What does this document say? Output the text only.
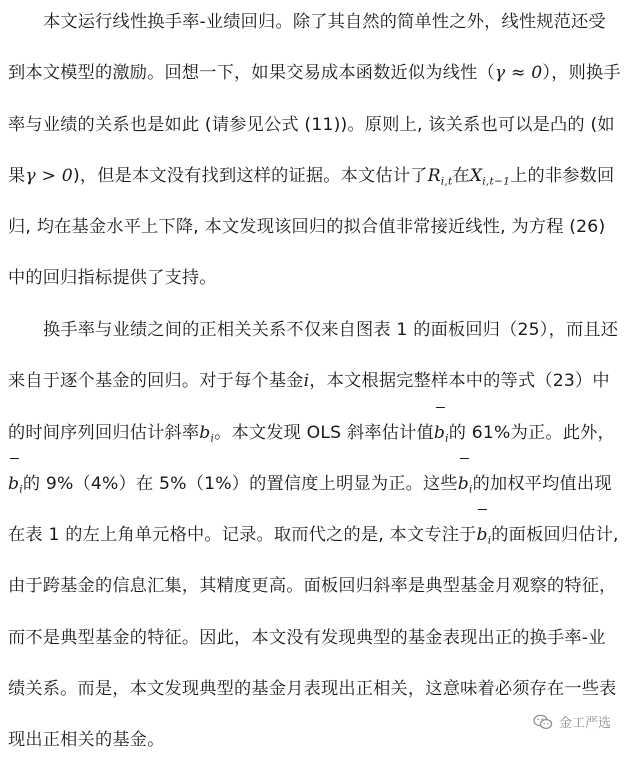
本文运行线性换手率-业绩回归。除了其自然的简单性之外，线性规范还受
到本文模型的激励。回想一下，如果交易成本函数近似为线性（γ ≈ 0），则换手
率与业绩的关系也是如此 (请参见公式 (11))。原则上, 该关系也可以是凸的 (如
果γ > 0)，但是本文没有找到这样的证据。本文估计了$R_{i,t}$在$X_{i,t-1}$上的非参数回
归, 均在基金水平上下降, 本文发现该回归的拟合值非常接近线性, 为方程 (26)
中的回归指标提供了支持。
换手率与业绩之间的正相关关系不仅来自图表 1 的面板回归（25），而且还
来自于逐个基金的回归。对于每个基金i，本文根据完整样本中的等式（23）中
的时间序列回归估计斜率$b_i$。本文发现 OLS 斜率估计值$b_i$的 61%为正。此外，
$b_i$的 9%（4%）在 5%（1%）的置信度上明显为正。这些$b_i$的加权平均值出现
在表 1 的左上角单元格中。记录。取而代之的是, 本文专注于$b_i$的面板回归估计,
由于跨基金的信息汇集，其精度更高。面板回归斜率是典型基金月观察的特征，
而不是典型基金的特征。因此，本文没有发现典型的基金表现出正的换手率-业
绩关系。而是，本文发现典型的基金月表现出正相关，这意味着必须存在一些表
现出正相关的基金。
金工严选
